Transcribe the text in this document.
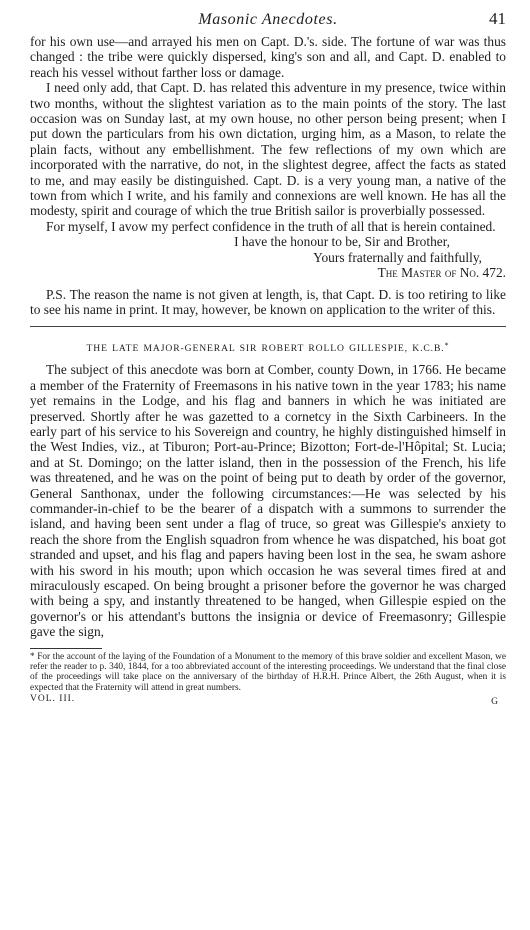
Masonic Anecdotes.	41

for his own use—and arrayed his men on Capt. D.'s. side. The fortune of war was thus changed : the tribe were quickly dispersed, king's son and all, and Capt. D. enabled to reach his vessel without farther loss or damage.

I need only add, that Capt. D. has related this adventure in my presence, twice within two months, without the slightest variation as to the main points of the story. The last occasion was on Sunday last, at my own house, no other person being present; when I put down the particulars from his own dictation, urging him, as a Mason, to relate the plain facts, without any embellishment. The few reflections of my own which are incorporated with the narrative, do not, in the slightest degree, affect the facts as stated to me, and may easily be distinguished. Capt. D. is a very young man, a native of the town from which I write, and his family and connexions are well known. He has all the modesty, spirit and courage of which the true British sailor is proverbially possessed.

For myself, I avow my perfect confidence in the truth of all that is herein contained.

I have the honour to be, Sir and Brother,

Yours fraternally and faithfully,

The Master of No. 472.

P.S. The reason the name is not given at length, is, that Capt. D. is too retiring to like to see his name in print. It may, however, be known on application to the writer of this.

THE LATE MAJOR-GENERAL SIR ROBERT ROLLO GILLESPIE, K.C.B.*

The subject of this anecdote was born at Comber, county Down, in 1766. He became a member of the Fraternity of Freemasons in his native town in the year 1783; his name yet remains in the Lodge, and his flag and banners in which he was initiated are preserved. Shortly after he was gazetted to a cornetcy in the Sixth Carbineers. In the early part of his service to his Sovereign and country, he highly distinguished himself in the West Indies, viz., at Tiburon; Port-au-Prince; Bizotton; Fort-de-l'Hôpital; St. Lucia; and at St. Domingo; on the latter island, then in the possession of the French, his life was threatened, and he was on the point of being put to death by order of the governor, General Santhonax, under the following circumstances:—He was selected by his commander-in-chief to be the bearer of a dispatch with a summons to surrender the island, and having been sent under a flag of truce, so great was Gillespie's anxiety to reach the shore from the English squadron from whence he was dispatched, his boat got stranded and upset, and his flag and papers having been lost in the sea, he swam ashore with his sword in his mouth; upon which occasion he was several times fired at and miraculously escaped. On being brought a prisoner before the governor he was charged with being a spy, and instantly threatened to be hanged, when Gillespie espied on the governor's or his attendant's buttons the insignia or device of Freemasonry; Gillespie gave the sign,

* For the account of the laying of the Foundation of a Monument to the memory of this brave soldier and excellent Mason, we refer the reader to p. 340, 1844, for a too abbreviated account of the interesting proceedings. We understand that the final close of the proceedings will take place on the anniversary of the birthday of H.R.H. Prince Albert, the 26th August, when it is expected that the Fraternity will attend in great numbers.

VOL. III.	G
